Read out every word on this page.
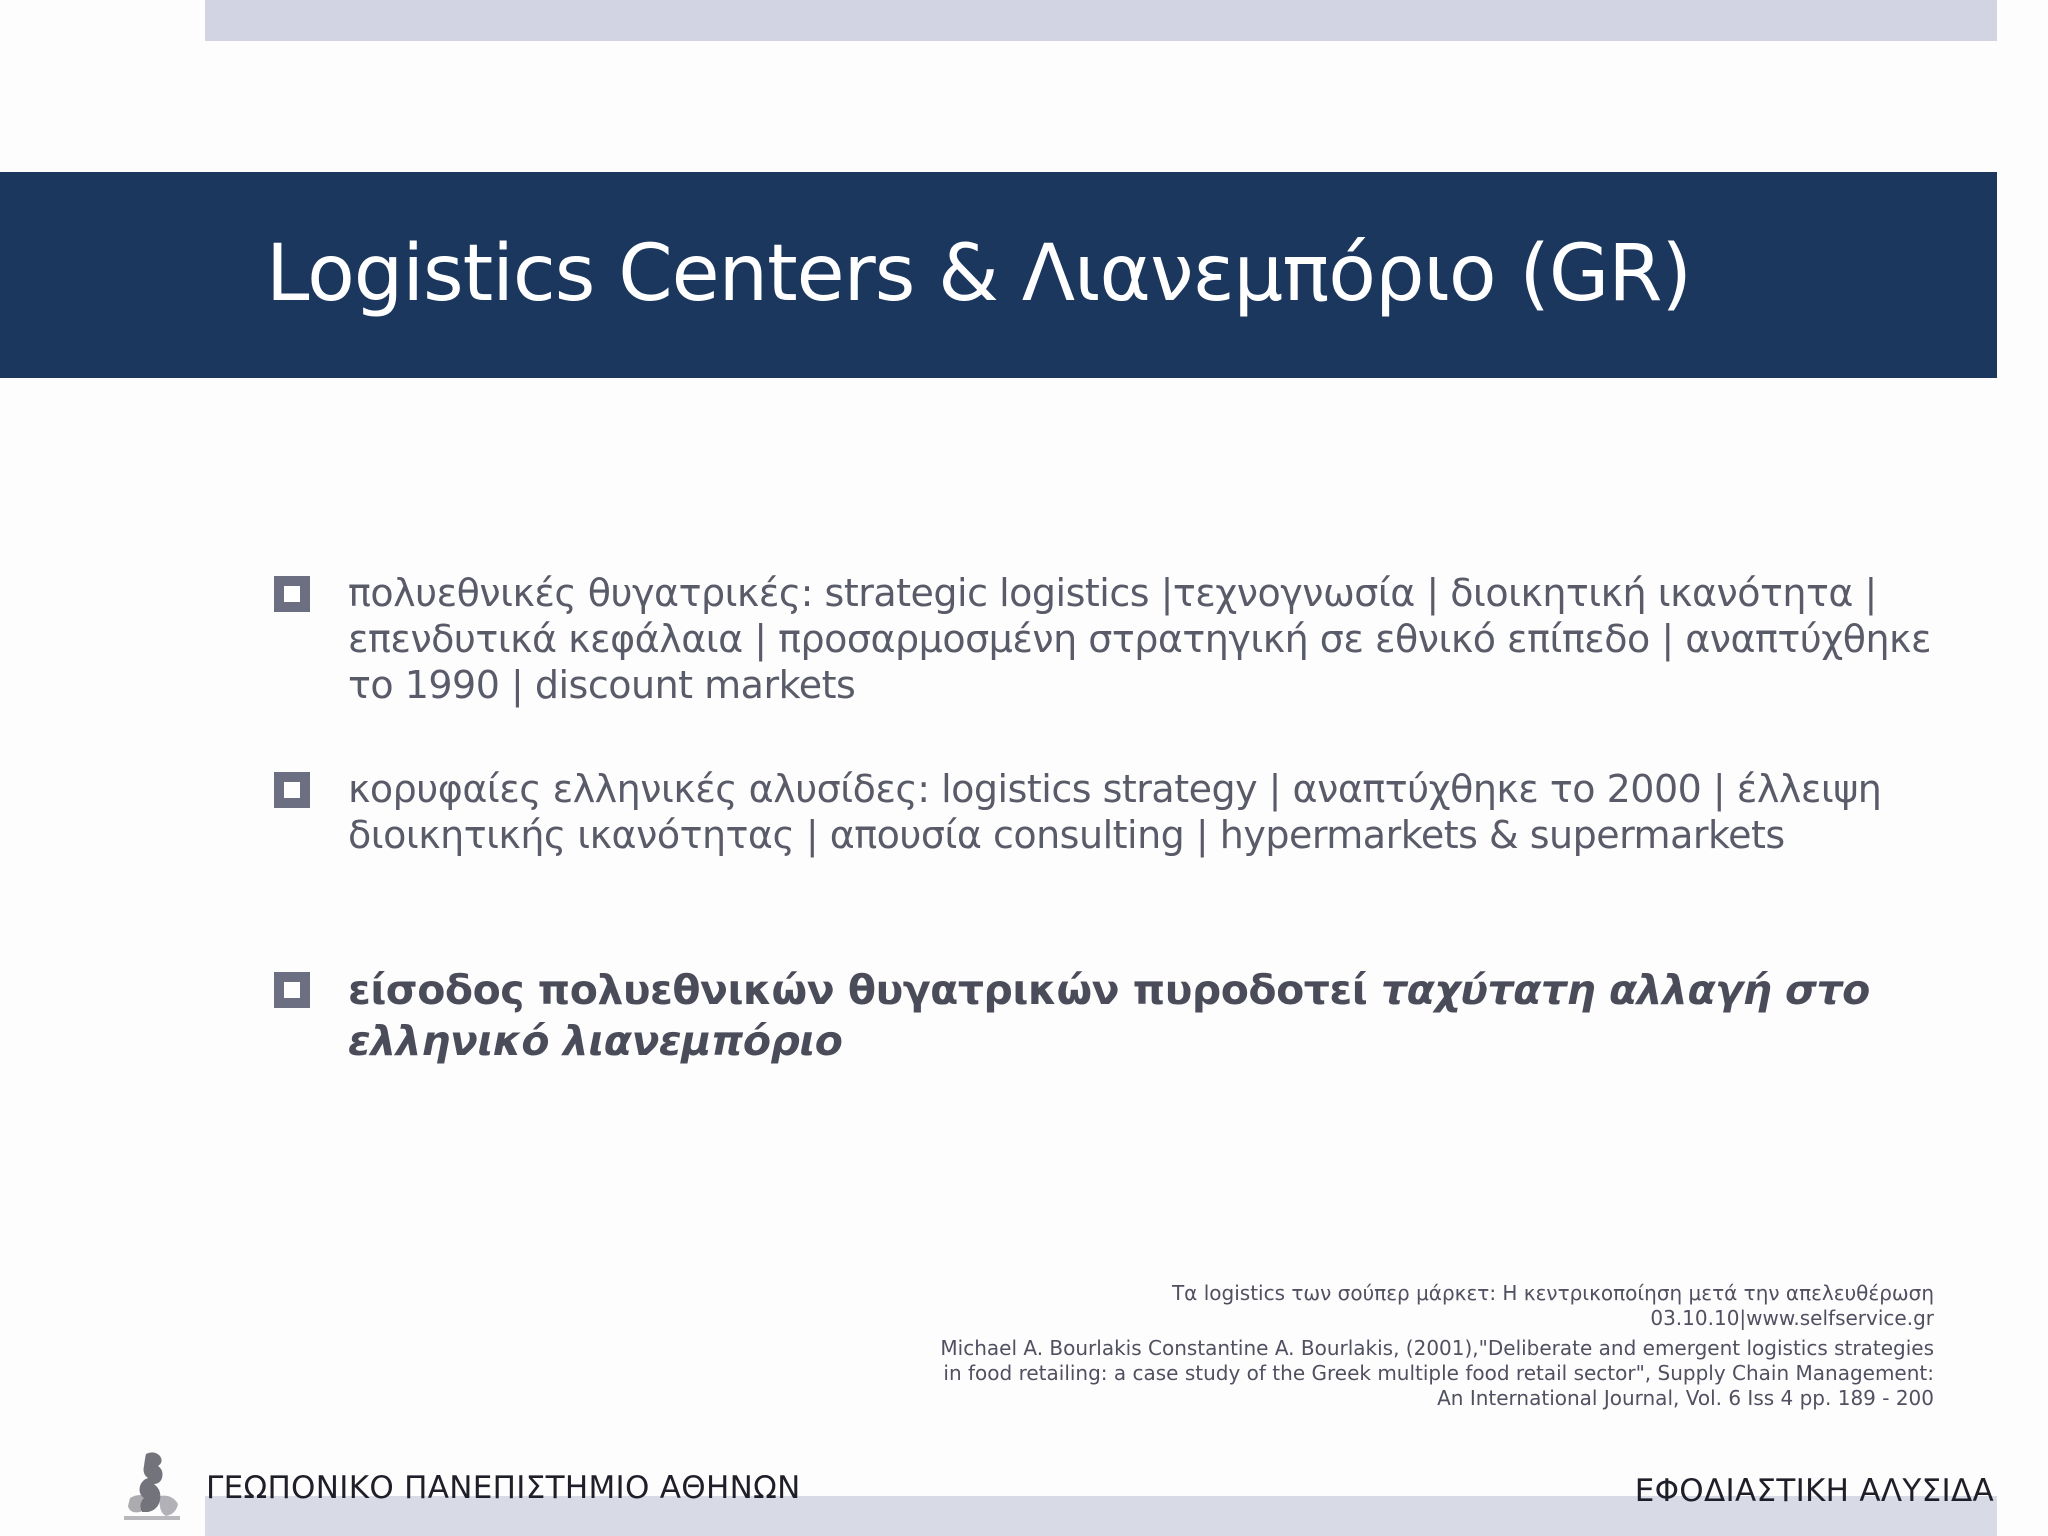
Logistics Centers & Λιανεμπόριο (GR)
πολυεθνικές θυγατρικές: strategic logistics |τεχνογνωσία | διοικητική ικανότητα | επενδυτικά κεφάλαια | προσαρμοσμένη στρατηγική σε εθνικό επίπεδο | αναπτύχθηκε το 1990 | discount markets
κορυφαίες ελληνικές αλυσίδες: logistics strategy | αναπτύχθηκε το 2000 | έλλειψη διοικητικής ικανότητας | απουσία consulting | hypermarkets & supermarkets
είσοδος πολυεθνικών θυγατρικών πυροδοτεί ταχύτατη αλλαγή στο ελληνικό λιανεμπόριο
Τα logistics των σούπερ μάρκετ: Η κεντρικοποίηση μετά την απελευθέρωση
03.10.10|www.selfservice.gr
Michael A. Bourlakis Constantine A. Bourlakis, (2001),"Deliberate and emergent logistics strategies
in food retailing: a case study of the Greek multiple food retail sector", Supply Chain Management:
An International Journal, Vol. 6 Iss 4 pp. 189 - 200
ΓΕΩΠΟΝΙΚΟ ΠΑΝΕΠΙΣΤΗΜΙΟ ΑΘΗΝΩΝ	ΕΦΟΔΙΑΣΤΙΚΗ ΑΛΥΣΙΔΑ
